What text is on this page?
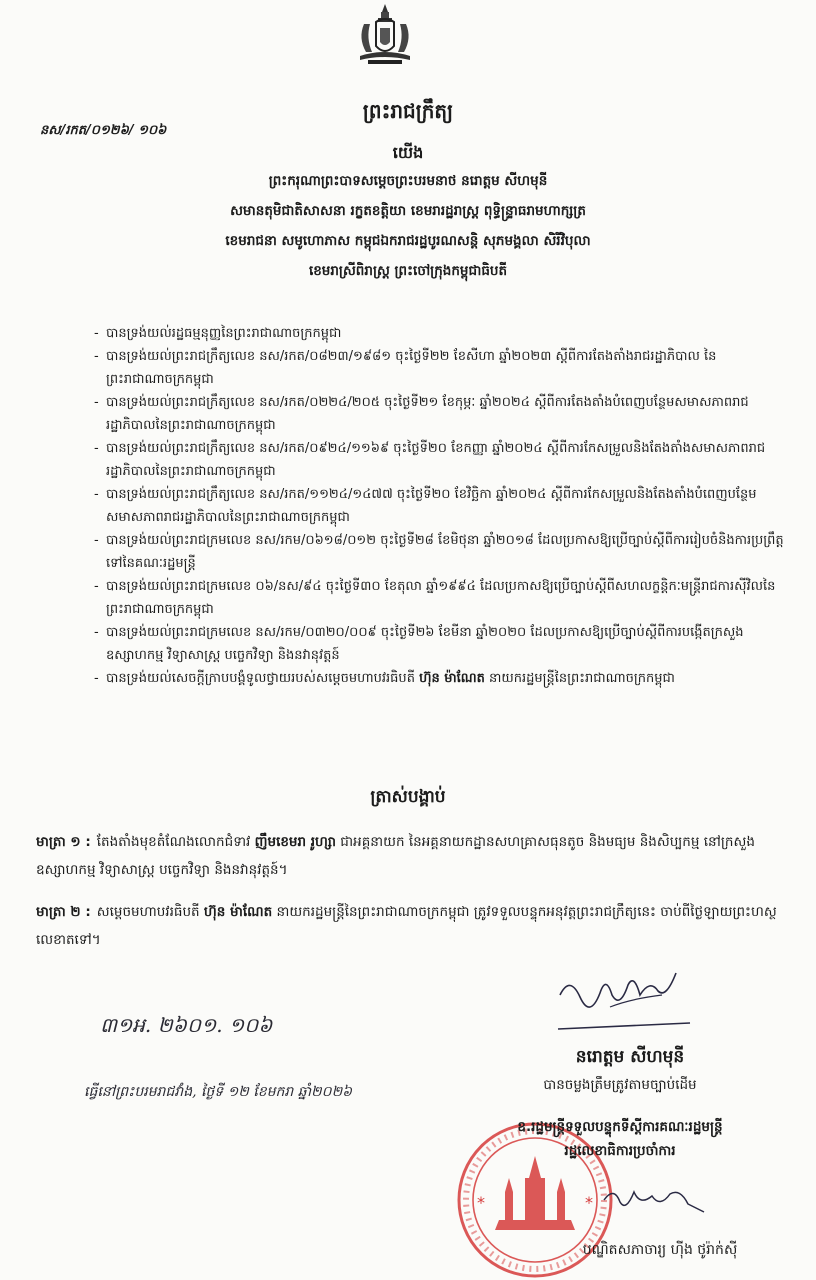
ព្រះរាជក្រឹត្យ
នស/រកត/០១២៦/ ១០៦
យើង
ព្រះករុណាព្រះបាទសម្តេចព្រះបរមនាថ នរោត្តម សីហមុនី
សមានតុមិជាតិសាសនា រក្ខតខត្តិយា ខេមរារដ្ឋរាស្ត្រ ពុទ្ធិន្ទ្រាធរាមហាក្សត្រ
ខេមរាជនា សមូហោភាស កម្ពុជឯករាជរដ្ឋបូរណសន្តិ សុភមង្គលា សិរីវិបុលា
ខេមរាស្រីពិរាស្ត្រ ព្រះចៅក្រុងកម្ពុជាធិបតី
- បានទ្រង់យល់រដ្ឋធម្មនុញ្ញនៃព្រះរាជាណាចក្រកម្ពុជា
- បានទ្រង់យល់ព្រះរាជក្រឹត្យលេខ នស/រកត/០៨២៣/១៩៨១ ចុះថ្ងៃទី២២ ខែសីហា ឆ្នាំ២០២៣ ស្តីពីការតែងតាំងរាជរដ្ឋាភិបាល នៃព្រះរាជាណាចក្រកម្ពុជា
- បានទ្រង់យល់ព្រះរាជក្រឹត្យលេខ នស/រកត/០២២៤/២០៥ ចុះថ្ងៃទី២១ ខែកុម្ភៈ ឆ្នាំ២០២៤ ស្តីពីការតែងតាំងបំពេញបន្ថែមសមាសភាពរាជរដ្ឋាភិបាលនៃព្រះរាជាណាចក្រកម្ពុជា
- បានទ្រង់យល់ព្រះរាជក្រឹត្យលេខ នស/រកត/០៩២៤/១១៦៩ ចុះថ្ងៃទី២០ ខែកញ្ញា ឆ្នាំ២០២៤ ស្តីពីការកែសម្រួលនិងតែងតាំងសមាសភាពរាជរដ្ឋាភិបាលនៃព្រះរាជាណាចក្រកម្ពុជា
- បានទ្រង់យល់ព្រះរាជក្រឹត្យលេខ នស/រកត/១១២៤/១៤៧៧ ចុះថ្ងៃទី២០ ខែវិច្ឆិកា ឆ្នាំ២០២៤ ស្តីពីការកែសម្រួលនិងតែងតាំងបំពេញបន្ថែមសមាសភាពរាជរដ្ឋាភិបាលនៃព្រះរាជាណាចក្រកម្ពុជា
- បានទ្រង់យល់ព្រះរាជក្រមលេខ នស/រកម/០៦១៨/០១២ ចុះថ្ងៃទី២៨ ខែមិថុនា ឆ្នាំ២០១៨ ដែលប្រកាសឱ្យប្រើច្បាប់ស្តីពីការរៀបចំនិងការប្រព្រឹត្តទៅនៃគណៈរដ្ឋមន្ត្រី
- បានទ្រង់យល់ព្រះរាជក្រមលេខ ០៦/នស/៩៤ ចុះថ្ងៃទី៣០ ខែតុលា ឆ្នាំ១៩៩៤ ដែលប្រកាសឱ្យប្រើច្បាប់ស្តីពីសហលក្ខន្តិកៈមន្ត្រីរាជការស៊ីវិលនៃព្រះរាជាណាចក្រកម្ពុជា
- បានទ្រង់យល់ព្រះរាជក្រមលេខ នស/រកម/០៣២០/០០៩ ចុះថ្ងៃទី២៦ ខែមីនា ឆ្នាំ២០២០ ដែលប្រកាសឱ្យប្រើច្បាប់ស្តីពីការបង្កើតក្រសួងឧស្សាហកម្ម វិទ្យាសាស្ត្រ បច្ចេកវិទ្យា និងនវានុវត្តន៍
- បានទ្រង់យល់សេចក្តីក្រាបបង្គំទូលថ្វាយរបស់សម្តេចមហាបវរធិបតី ហ៊ុន ម៉ាណែត នាយករដ្ឋមន្ត្រីនៃព្រះរាជាណាចក្រកម្ពុជា
ត្រាស់បង្គាប់
មាត្រា ១ : តែងតាំងមុខតំណែងលោកជំទាវ ញឹមខេមរា រូហ្សា ជាអគ្គនាយក នៃអគ្គនាយកដ្ឋានសហគ្រាសធុនតូច និងមធ្យម និងសិប្បកម្ម នៅក្រសួងឧស្សាហកម្ម វិទ្យាសាស្ត្រ បច្ចេកវិទ្យា និងនវានុវត្តន៍។
មាត្រា ២ : សម្តេចមហាបវរធិបតី ហ៊ុន ម៉ាណែត នាយករដ្ឋមន្ត្រីនៃព្រះរាជាណាចក្រកម្ពុជា ត្រូវទទួលបន្ទុកអនុវត្តព្រះរាជក្រឹត្យនេះ ចាប់ពីថ្ងៃឡាយព្រះហស្ថលេខាតទៅ។
៣១អ. ២៦០១. ១០៦
ធ្វើនៅព្រះបរមរាជវាំង, ថ្ងៃទី ១២ ខែមករា ឆ្នាំ២០២៦
នរោត្តម សីហមុនី
បានចម្លងត្រឹមត្រូវតាមច្បាប់ដើម
*	*
ឧ.រដ្ឋមន្ត្រីទទួលបន្ទុកទីស្តីការគណៈរដ្ឋមន្ត្រី
រដ្ឋលេខាធិការប្រចាំការ
បណ្ឌិតសភាចារ្យ ហ៊ីង ថូរ៉ាក់ស៊ី
